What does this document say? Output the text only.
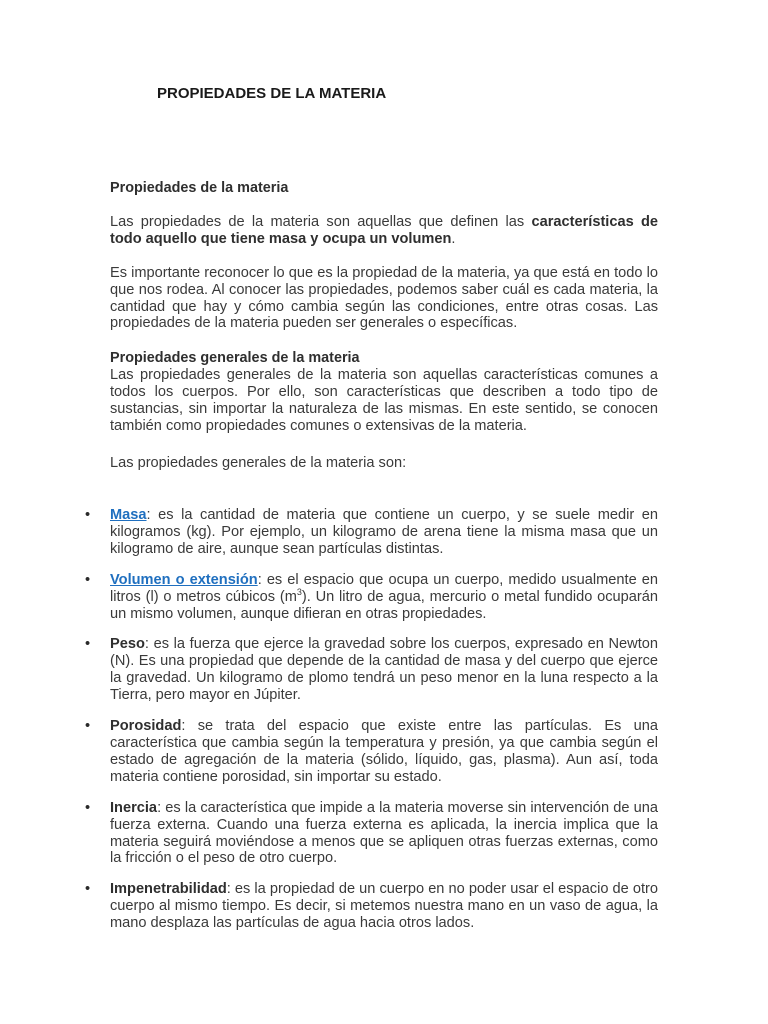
PROPIEDADES DE LA MATERIA

Propiedades de la materia

Las propiedades de la materia son aquellas que definen las características de todo aquello que tiene masa y ocupa un volumen.

Es importante reconocer lo que es la propiedad de la materia, ya que está en todo lo que nos rodea. Al conocer las propiedades, podemos saber cuál es cada materia, la cantidad que hay y cómo cambia según las condiciones, entre otras cosas. Las propiedades de la materia pueden ser generales o específicas.

Propiedades generales de la materia

Las propiedades generales de la materia son aquellas características comunes a todos los cuerpos. Por ello, son características que describen a todo tipo de sustancias, sin importar la naturaleza de las mismas. En este sentido, se conocen también como propiedades comunes o extensivas de la materia.

Las propiedades generales de la materia son:

• Masa: es la cantidad de materia que contiene un cuerpo, y se suele medir en kilogramos (kg). Por ejemplo, un kilogramo de arena tiene la misma masa que un kilogramo de aire, aunque sean partículas distintas.
• Volumen o extensión: es el espacio que ocupa un cuerpo, medido usualmente en litros (l) o metros cúbicos $(m^3)$. Un litro de agua, mercurio o metal fundido ocuparán un mismo volumen, aunque difieran en otras propiedades.
• Peso: es la fuerza que ejerce la gravedad sobre los cuerpos, expresado en Newton (N). Es una propiedad que depende de la cantidad de masa y del cuerpo que ejerce la gravedad. Un kilogramo de plomo tendrá un peso menor en la luna respecto a la Tierra, pero mayor en Júpiter.
• Porosidad: se trata del espacio que existe entre las partículas. Es una característica que cambia según la temperatura y presión, ya que cambia según el estado de agregación de la materia (sólido, líquido, gas, plasma). Aun así, toda materia contiene porosidad, sin importar su estado.
• Inercia: es la característica que impide a la materia moverse sin intervención de una fuerza externa. Cuando una fuerza externa es aplicada, la inercia implica que la materia seguirá moviéndose a menos que se apliquen otras fuerzas externas, como la fricción o el peso de otro cuerpo.
• Impenetrabilidad: es la propiedad de un cuerpo en no poder usar el espacio de otro cuerpo al mismo tiempo. Es decir, si metemos nuestra mano en un vaso de agua, la mano desplaza las partículas de agua hacia otros lados.
